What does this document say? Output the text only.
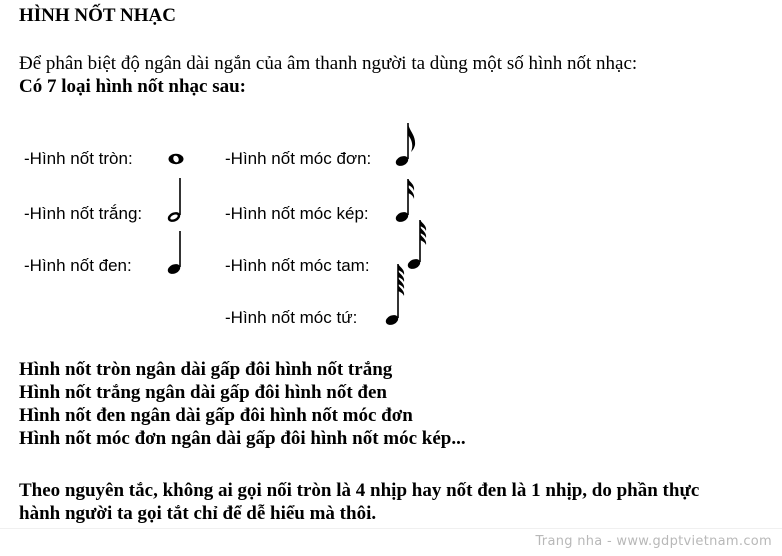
HÌNH NỐT NHẠC
Để phân biệt độ ngân dài ngắn của âm thanh người ta dùng một số hình nốt nhạc:
Có 7 loại hình nốt nhạc sau:
-Hình nốt tròn:
-Hình nốt trắng:
-Hình nốt đen:
-Hình nốt móc đơn:
-Hình nốt móc kép:
-Hình nốt móc tam:
-Hình nốt móc tứ:
Hình nốt tròn ngân dài gấp đôi hình nốt trắng
Hình nốt trắng ngân dài gấp đôi hình nốt đen
Hình nốt đen ngân dài gấp đôi hình nốt móc đơn
Hình nốt móc đơn ngân dài gấp đôi hình nốt móc kép...
Theo nguyên tắc, không ai gọi nối tròn là 4 nhịp hay nốt đen là 1 nhịp, do phần thực
hành người ta gọi tắt chỉ để dễ hiểu mà thôi.
Trang nha - www.gdptvietnam.com
